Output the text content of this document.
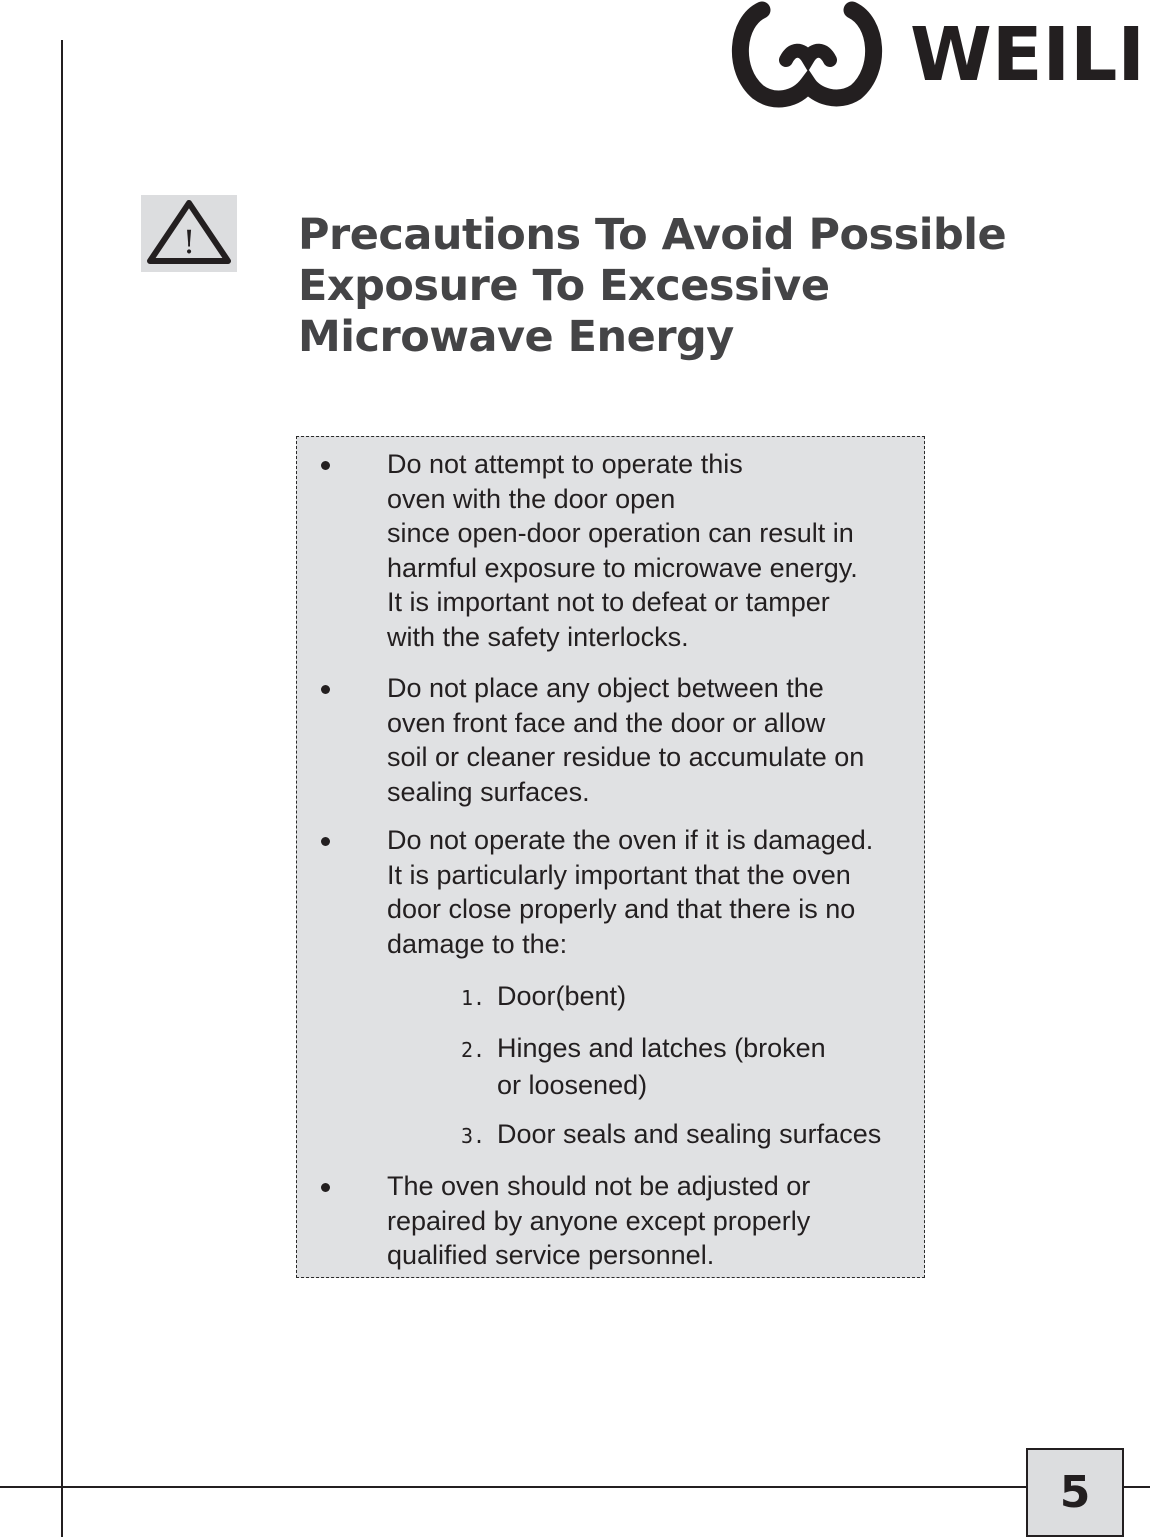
WEILI
! Precautions To Avoid Possible
Exposure To Excessive
Microwave Energy
Do not attempt to operate this
oven with the door open
since open-door operation can result in
harmful exposure to microwave energy.
It is important not to defeat or tamper
with the safety interlocks.
Do not place any object between the
oven front face and the door or allow
soil or cleaner residue to accumulate on
sealing surfaces.
Do not operate the oven if it is damaged.
It is particularly important that the oven
door close properly and that there is no
damage to the:
1. Door(bent)
2. Hinges and latches (broken
or loosened)
3. Door seals and sealing surfaces
The oven should not be adjusted or
repaired by anyone except properly
qualified service personnel.
5
